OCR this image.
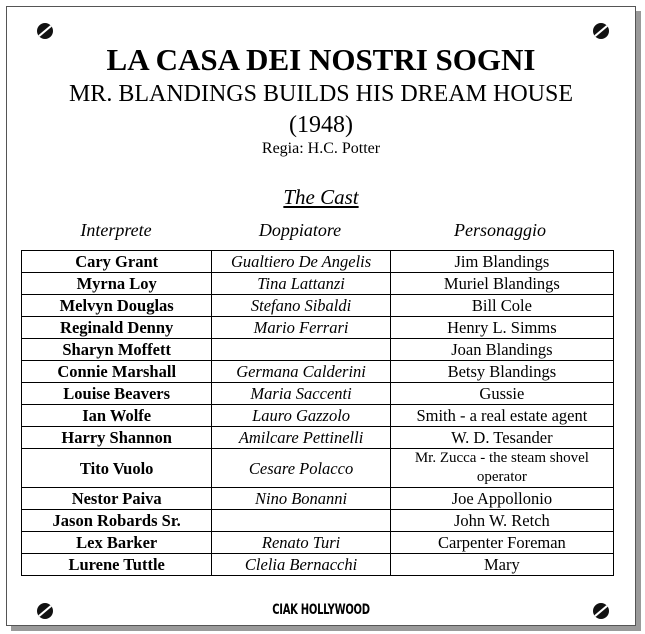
LA CASA DEI NOSTRI SOGNI
MR. BLANDINGS BUILDS HIS DREAM HOUSE
(1948)
Regia: H.C. Potter
The Cast
Interprete	Doppiatore	Personaggio
Cary Grant	Gualtiero De Angelis	Jim Blandings
Myrna Loy	Tina Lattanzi	Muriel Blandings
Melvyn Douglas	Stefano Sibaldi	Bill Cole
Reginald Denny	Mario Ferrari	Henry L. Simms
Sharyn Moffett		Joan Blandings
Connie Marshall	Germana Calderini	Betsy Blandings
Louise Beavers	Maria Saccenti	Gussie
Ian Wolfe	Lauro Gazzolo	Smith - a real estate agent
Harry Shannon	Amilcare Pettinelli	W. D. Tesander
Tito Vuolo	Cesare Polacco	Mr. Zucca - the steam shovel operator
Nestor Paiva	Nino Bonanni	Joe Appollonio
Jason Robards Sr.		John W. Retch
Lex Barker	Renato Turi	Carpenter Foreman
Lurene Tuttle	Clelia Bernacchi	Mary
CIAK HOLLYWOOD
